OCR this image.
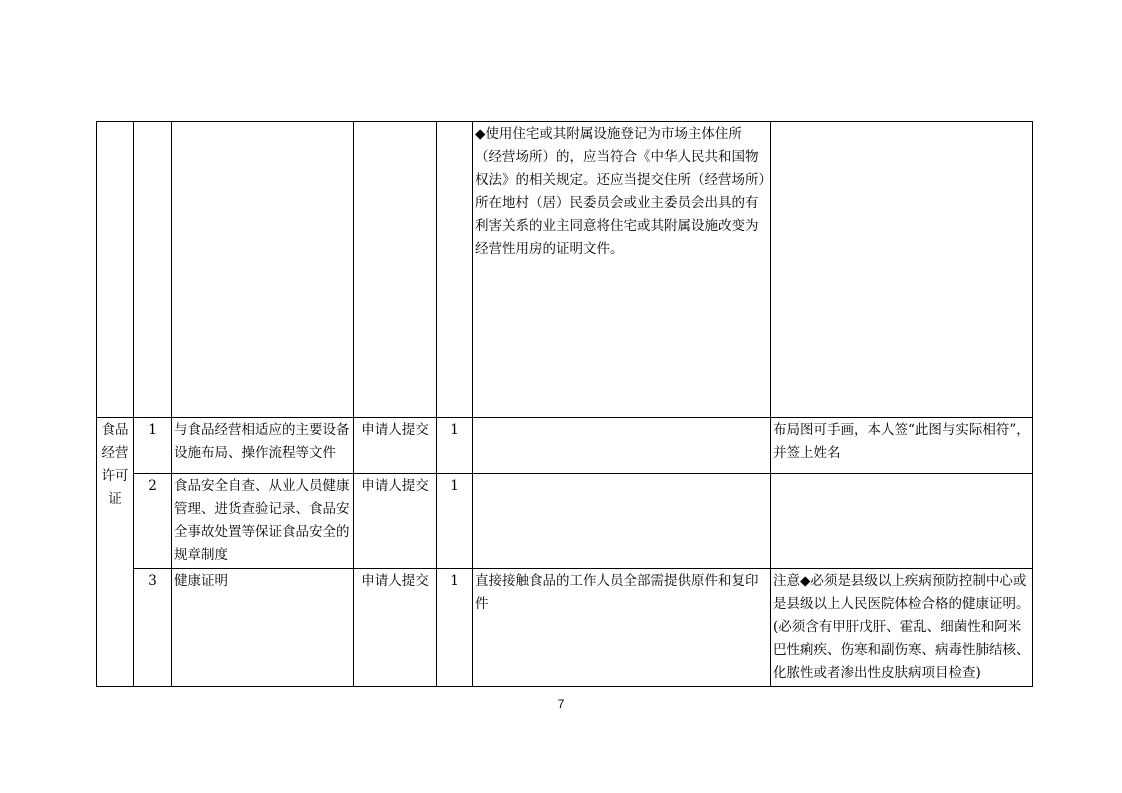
					◆使用住宅或其附属设施登记为市场主体住所（经营场所）的，应当符合《中华人民共和国物权法》的相关规定。还应当提交住所（经营场所）所在地村（居）民委员会或业主委员会出具的有利害关系的业主同意将住宅或其附属设施改变为经营性用房的证明文件。	
食品经营许可证	1	与食品经营相适应的主要设备设施布局、操作流程等文件	申请人提交	1		布局图可手画，本人签“此图与实际相符”，并签上姓名
	2	食品安全自查、从业人员健康管理、进货查验记录、食品安全事故处置等保证食品安全的规章制度	申请人提交	1		
	3	健康证明	申请人提交	1	直接接触食品的工作人员全部需提供原件和复印件	注意◆必须是县级以上疾病预防控制中心或是县级以上人民医院体检合格的健康证明。(必须含有甲肝戊肝、霍乱、细菌性和阿米巴性痢疾、伤寒和副伤寒、病毒性肺结核、化脓性或者渗出性皮肤病项目检查)
7
